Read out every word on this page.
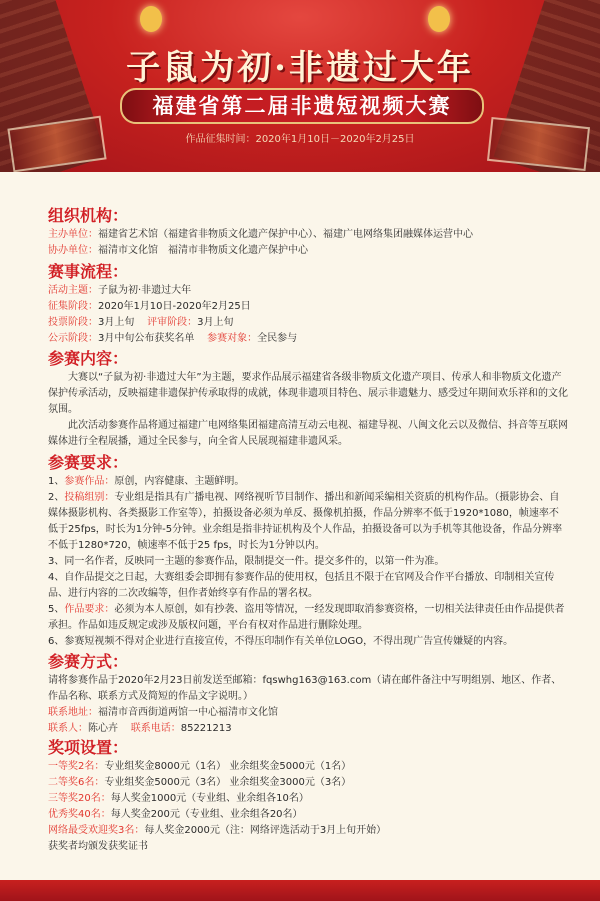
子鼠为初·非遗过大年
福建省第二届非遗短视频大赛
作品征集时间：2020年1月10日－2020年2月25日
组织机构：
主办单位：福建省艺术馆（福建省非物质文化遗产保护中心）、福建广电网络集团融媒体运营中心
协办单位：福清市文化馆　福清市非物质文化遗产保护中心
赛事流程：
活动主题：子鼠为初·非遗过大年
征集阶段：2020年1月10日-2020年2月25日
投票阶段：3月上旬 评审阶段：3月上旬
公示阶段：3月中旬公布获奖名单 参赛对象：全民参与
参赛内容：

大赛以“子鼠为初·非遗过大年”为主题，要求作品展示福建省各级非物质文化遗产项目、传承人和非物质文化遗产保护传承活动，反映福建非遗保护传承取得的成就，体现非遗项目特色、展示非遗魅力、感受过年期间欢乐祥和的文化氛围。

此次活动参赛作品将通过福建广电网络集团福建高清互动云电视、福建导视、八闽文化云以及微信、抖音等互联网媒体进行全程展播，通过全民参与，向全省人民展现福建非遗风采。

参赛要求：

1、参赛作品：原创，内容健康、主题鲜明。

2、投稿组别：专业组是指具有广播电视、网络视听节目制作、播出和新闻采编相关资质的机构作品。（摄影协会、自媒体摄影机构、各类摄影工作室等），拍摄设备必须为单反、摄像机拍摄，作品分辨率不低于1920*1080，帧速率不低于25fps，时长为1分钟-5分钟。业余组是指非持证机构及个人作品，拍摄设备可以为手机等其他设备，作品分辨率不低于1280*720，帧速率不低于25 fps，时长为1分钟以内。

3、同一名作者，反映同一主题的参赛作品，限制提交一件。提交多件的，以第一件为准。

4、自作品提交之日起，大赛组委会即拥有参赛作品的使用权，包括且不限于在官网及合作平台播放、印制相关宣传品、进行内容的二次改编等，但作者始终享有作品的署名权。

5、作品要求：必须为本人原创，如有抄袭、盗用等情况，一经发现即取消参赛资格，一切相关法律责任由作品提供者承担。作品如违反规定或涉及版权问题，平台有权对作品进行删除处理。

6、参赛短视频不得对企业进行直接宣传，不得压印制作有关单位LOGO，不得出现广告宣传嫌疑的内容。

参赛方式：

请将参赛作品于2020年2月23日前发送至邮箱：fqswhg163@163.com（请在邮件备注中写明组别、地区、作者、作品名称、联系方式及简短的作品文字说明。）

联系地址：福清市音西街道两馆一中心福清市文化馆
联系人：陈心卉 联系电话：85221213
奖项设置：
一等奖2名：专业组奖金8000元（1名） 业余组奖金5000元（1名）
二等奖6名：专业组奖金5000元（3名） 业余组奖金3000元（3名）
三等奖20名：每人奖金1000元（专业组、业余组各10名）
优秀奖40名：每人奖金200元（专业组、业余组各20名）
网络最受欢迎奖3名：每人奖金2000元（注：网络评选活动于3月上旬开始）
获奖者均颁发获奖证书
